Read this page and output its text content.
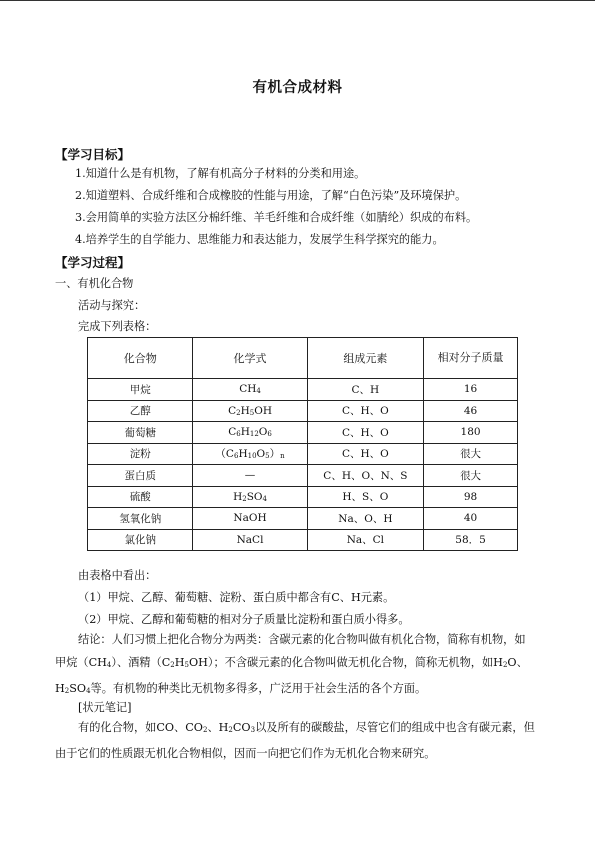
有机合成材料
【学习目标】
1.知道什么是有机物，了解有机高分子材料的分类和用途。
2.知道塑料、合成纤维和合成橡胶的性能与用途，了解“白色污染”及环境保护。
3.会用简单的实验方法区分棉纤维、羊毛纤维和合成纤维（如腈纶）织成的布料。
4.培养学生的自学能力、思维能力和表达能力，发展学生科学探究的能力。
【学习过程】
一、有机化合物
活动与探究：
完成下列表格：
化合物	化学式	组成元素	相对分子质量
甲烷	$CH_4$	C、H	16
乙醇	$C_2H_5OH$	C、H、O	46
葡萄糖	$C_6H_{12}O_6$	C、H、O	180
淀粉	$(C_6H_{10}O_5)_n$	C、H、O	很大
蛋白质	—	C、H、O、N、S	很大
硫酸	$H_2SO_4$	H、S、O	98
氢氧化钠	NaOH	Na、O、H	40
氯化钠	NaCl	Na、Cl	58．5
由表格中看出：
（1）甲烷、乙醇、葡萄糖、淀粉、蛋白质中都含有C、H元素。
（2）甲烷、乙醇和葡萄糖的相对分子质量比淀粉和蛋白质小得多。
结论：人们习惯上把化合物分为两类：含碳元素的化合物叫做有机化合物，简称有机物，如甲烷$(CH_4)$、酒精$(C_2H_5OH)$；不含碳元素的化合物叫做无机化合物，简称无机物，如$H_2O$、$H_2SO_4$等。有机物的种类比无机物多得多，广泛用于社会生活的各个方面。
[状元笔记]
有的化合物，如CO、$CO_2$、$H_2CO_3$以及所有的碳酸盐，尽管它们的组成中也含有碳元素，但由于它们的性质跟无机化合物相似，因而一向把它们作为无机化合物来研究。
